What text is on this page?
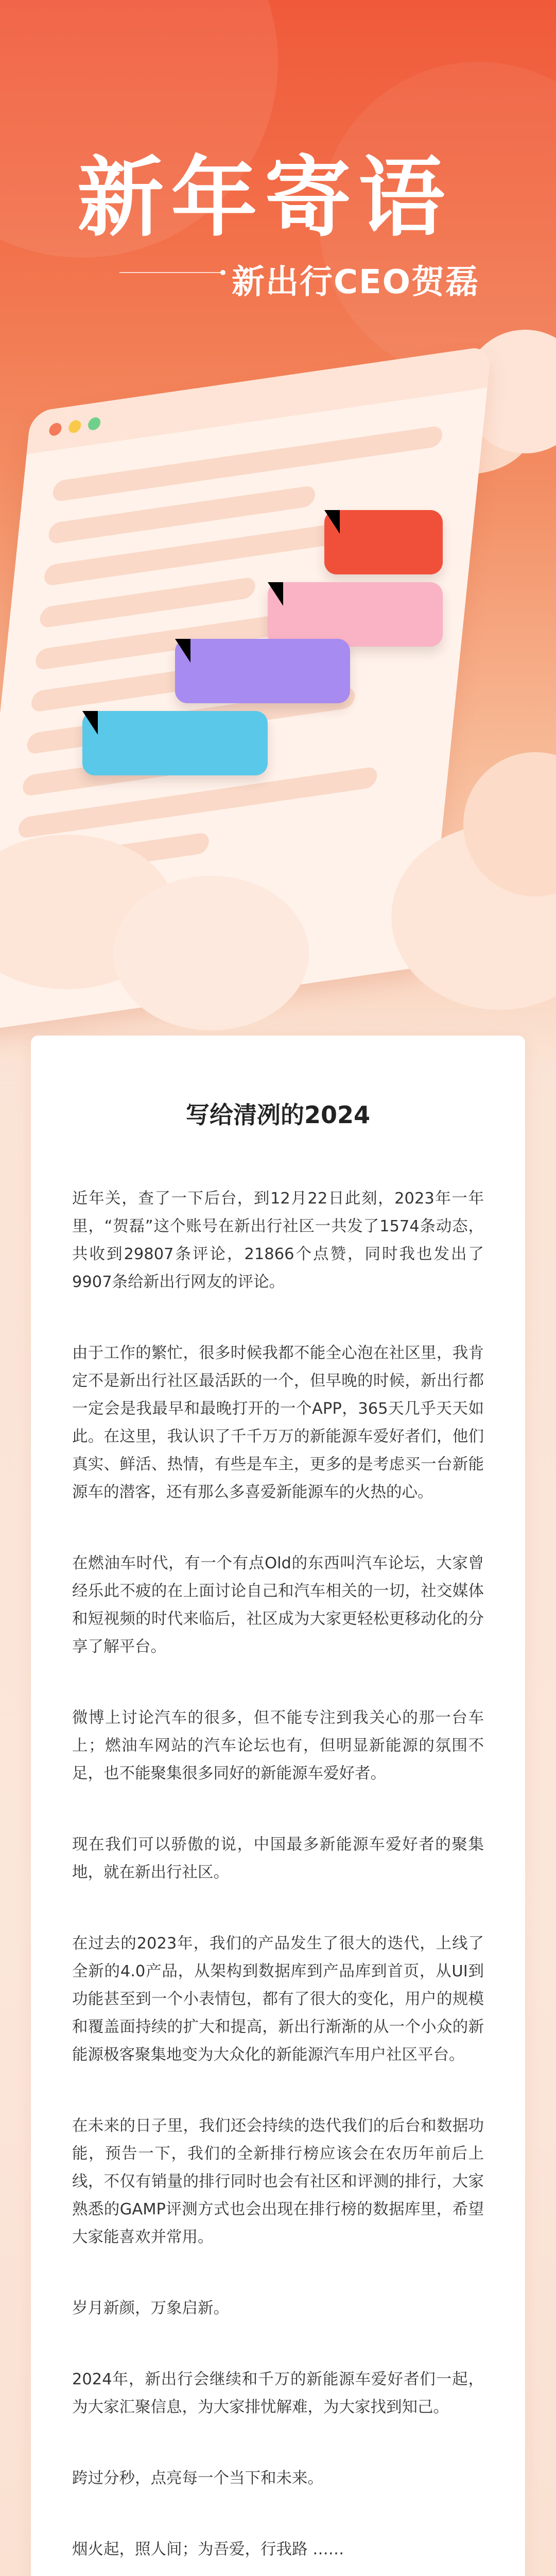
新年寄语
新出行CEO贺磊
写给清冽的2024

近年关，查了一下后台，到12月22日此刻，2023年一年里，“贺磊”这个账号在新出行社区一共发了1574条动态，共收到29807条评论，21866个点赞，同时我也发出了9907条给新出行网友的评论。

由于工作的繁忙，很多时候我都不能全心泡在社区里，我肯定不是新出行社区最活跃的一个，但早晚的时候，新出行都一定会是我最早和最晚打开的一个APP，365天几乎天天如此。在这里，我认识了千千万万的新能源车爱好者们，他们真实、鲜活、热情，有些是车主，更多的是考虑买一台新能源车的潜客，还有那么多喜爱新能源车的火热的心。

在燃油车时代，有一个有点Old的东西叫汽车论坛，大家曾经乐此不疲的在上面讨论自己和汽车相关的一切，社交媒体和短视频的时代来临后，社区成为大家更轻松更移动化的分享了解平台。

微博上讨论汽车的很多，但不能专注到我关心的那一台车上；燃油车网站的汽车论坛也有，但明显新能源的氛围不足，也不能聚集很多同好的新能源车爱好者。

现在我们可以骄傲的说，中国最多新能源车爱好者的聚集地，就在新出行社区。

在过去的2023年，我们的产品发生了很大的迭代，上线了全新的4.0产品，从架构到数据库到产品库到首页，从UI到功能甚至到一个小表情包，都有了很大的变化，用户的规模和覆盖面持续的扩大和提高，新出行渐渐的从一个小众的新能源极客聚集地变为大众化的新能源汽车用户社区平台。

在未来的日子里，我们还会持续的迭代我们的后台和数据功能，预告一下，我们的全新排行榜应该会在农历年前后上线，不仅有销量的排行同时也会有社区和评测的排行，大家熟悉的GAMP评测方式也会出现在排行榜的数据库里，希望大家能喜欢并常用。

岁月新颜，万象启新。

2024年，新出行会继续和千万的新能源车爱好者们一起，为大家汇聚信息，为大家排忧解难，为大家找到知己。

跨过分秒，点亮每一个当下和未来。

烟火起，照人间；为吾爱，行我路 ……
